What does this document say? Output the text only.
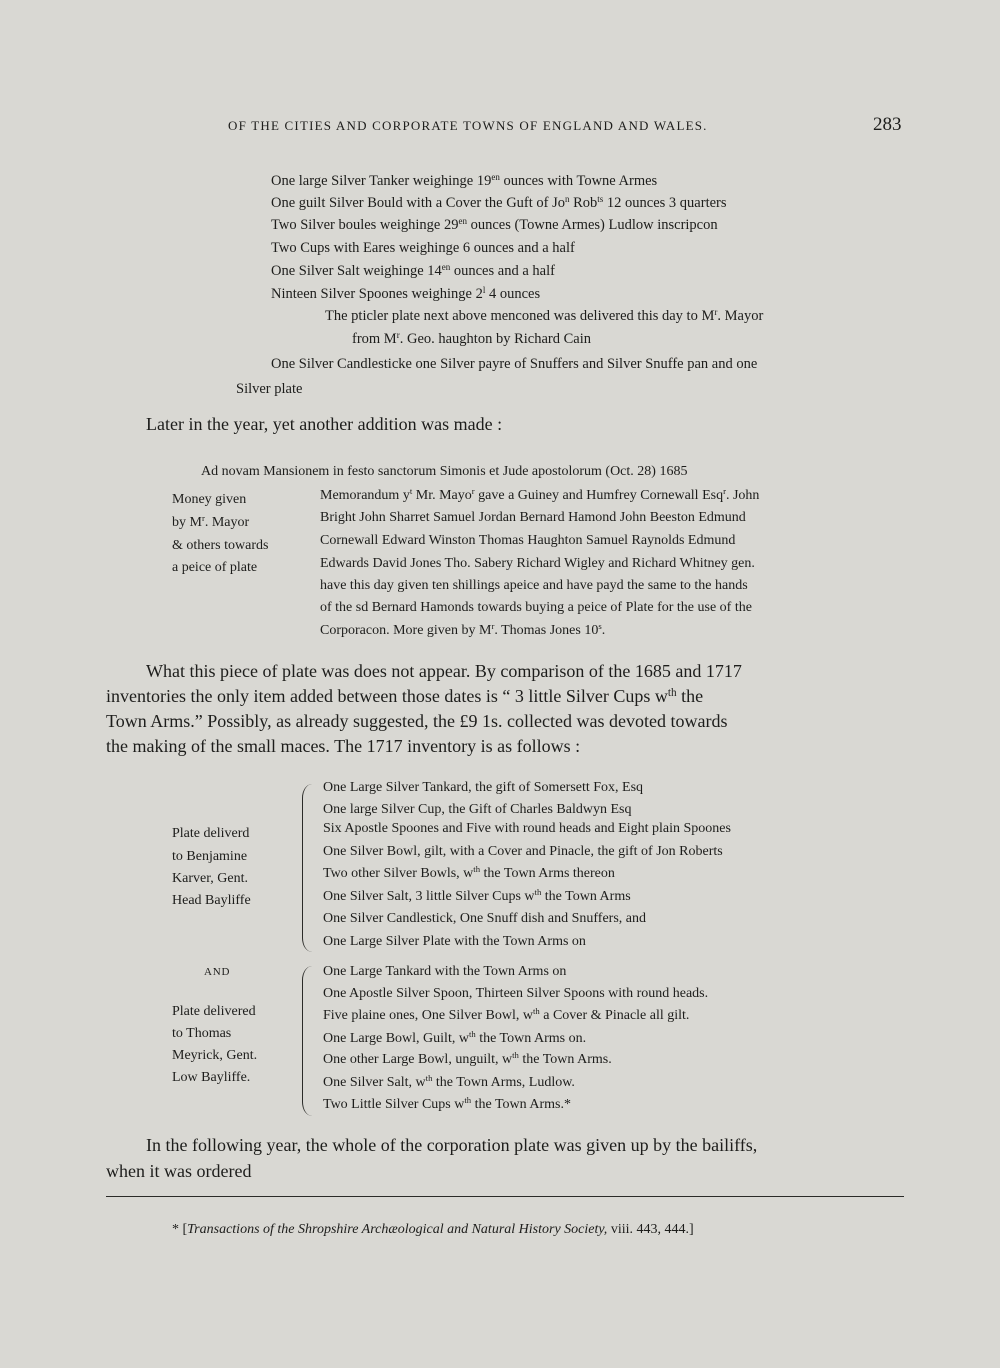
OF THE CITIES AND CORPORATE TOWNS OF ENGLAND AND WALES.	283
One large Silver Tanker weighinge $19^{en}$ ounces with Towne Armes
One guilt Silver Bould with a Cover the Guft of Jo$^n$ Rob$^{ts}$ 12 ounces 3 quarters
Two Silver boules weighinge $29^{en}$ ounces (Towne Armes) Ludlow inscripcon
Two Cups with Eares weighinge 6 ounces and a half
One Silver Salt weighinge $14^{en}$ ounces and a half
Ninteen Silver Spoones weighinge 2$^l$ 4 ounces
The pticler plate next above menconed was delivered this day to $M^r$. Mayor
from $M^r$. Geo. haughton by Richard Cain
One Silver Candlesticke one Silver payre of Snuffers and Silver Snuffe pan and one
Silver plate
Later in the year, yet another addition was made :
Ad novam Mansionem in festo sanctorum Simonis et Jude apostolorum (Oct. 28) 1685
Money given
by $M^r$. Mayor
& others towards
a peice of plate
Memorandum $y^t$ Mr. Mayo$^r$ gave a Guiney and Humfrey Cornewall Esq$^r$. John
Bright John Sharret Samuel Jordan Bernard Hamond John Beeston Edmund
Cornewall Edward Winston Thomas Haughton Samuel Raynolds Edmund
Edwards David Jones Tho. Sabery Richard Wigley and Richard Whitney gen.
have this day given ten shillings apeice and have payd the same to the hands
of the sd Bernard Hamonds towards buying a peice of Plate for the use of the
Corporacon. More given by $M^r$. Thomas Jones 10$^s$.
What this piece of plate was does not appear. By comparison of the 1685 and 1717
inventories the only item added between those dates is “ 3 little Silver Cups $w^{th}$ the
Town Arms.” Possibly, as already suggested, the £9 1s. collected was devoted towards
the making of the small maces. The 1717 inventory is as follows :
Plate deliverd
to Benjamine
Karver, Gent.
Head Bayliffe
One Large Silver Tankard, the gift of Somersett Fox, Esq
One large Silver Cup, the Gift of Charles Baldwyn Esq
Six Apostle Spoones and Five with round heads and Eight plain Spoones
One Silver Bowl, gilt, with a Cover and Pinacle, the gift of Jon Roberts
Two other Silver Bowls, $w^{th}$ the Town Arms thereon
One Silver Salt, 3 little Silver Cups $w^{th}$ the Town Arms
One Silver Candlestick, One Snuff dish and Snuffers, and
One Large Silver Plate with the Town Arms on
AND
Plate delivered
to Thomas
Meyrick, Gent.
Low Bayliffe.
One Large Tankard with the Town Arms on
One Apostle Silver Spoon, Thirteen Silver Spoons with round heads.
Five plaine ones, One Silver Bowl, $w^{th}$ a Cover & Pinacle all gilt.
One Large Bowl, Guilt, $w^{th}$ the Town Arms on.
One other Large Bowl, unguilt, $w^{th}$ the Town Arms.
One Silver Salt, $w^{th}$ the Town Arms, Ludlow.
Two Little Silver Cups $w^{th}$ the Town Arms.*
In the following year, the whole of the corporation plate was given up by the bailiffs,
when it was ordered
* [Transactions of the Shropshire Archæological and Natural History Society, viii. 443, 444.]
